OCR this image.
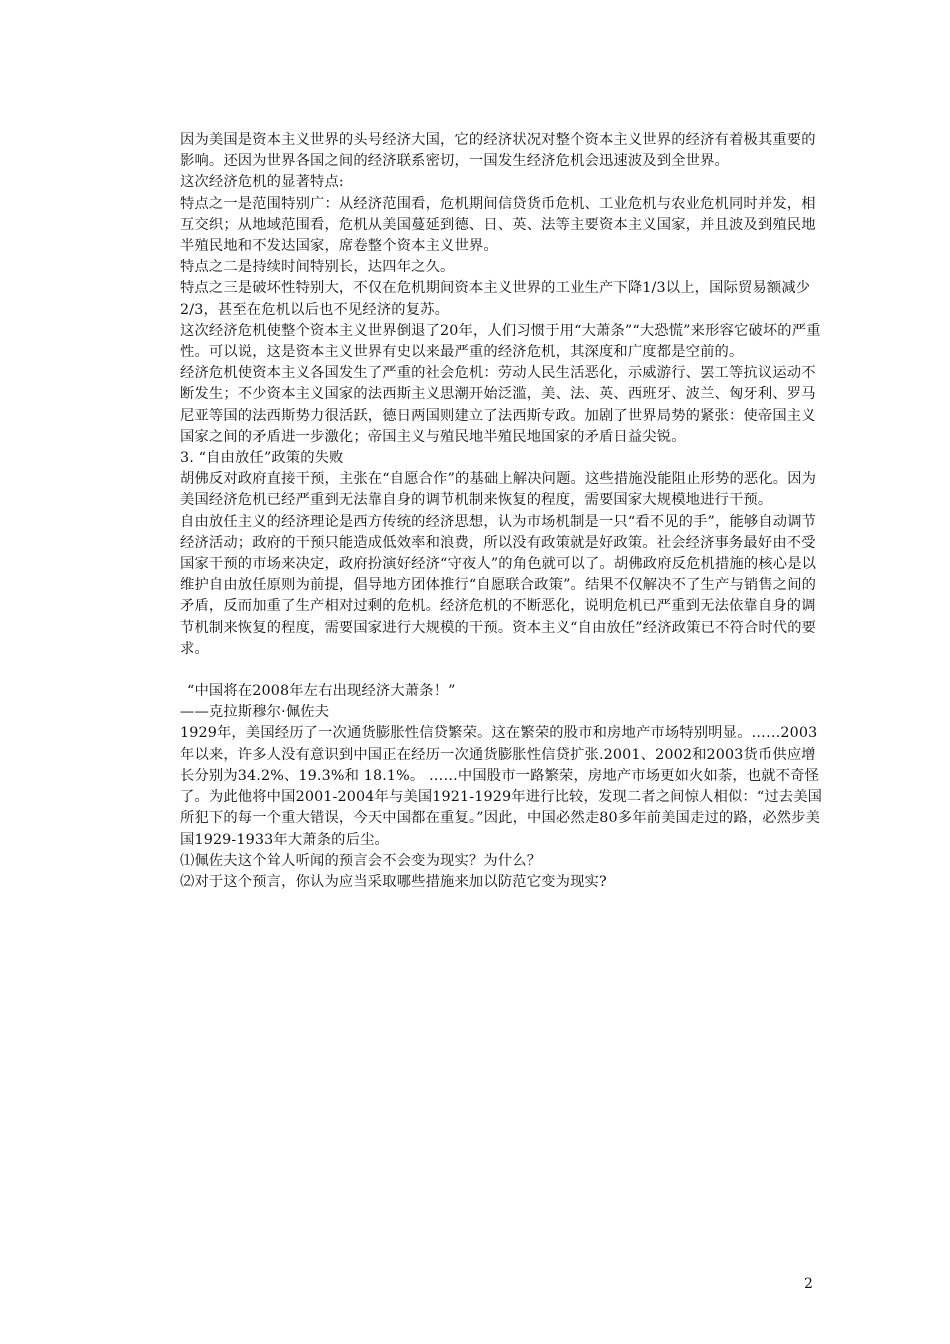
因为美国是资本主义世界的头号经济大国，它的经济状况对整个资本主义世界的经济有着极其重要的影响。还因为世界各国之间的经济联系密切，一国发生经济危机会迅速波及到全世界。

这次经济危机的显著特点:

特点之一是范围特别广：从经济范围看，危机期间信贷货币危机、工业危机与农业危机同时并发，相互交织；从地域范围看，危机从美国蔓延到德、日、英、法等主要资本主义国家，并且波及到殖民地半殖民地和不发达国家，席卷整个资本主义世界。

特点之二是持续时间特别长，达四年之久。

特点之三是破坏性特别大，不仅在危机期间资本主义世界的工业生产下降1/3以上，国际贸易额减少2/3，甚至在危机以后也不见经济的复苏。

这次经济危机使整个资本主义世界倒退了20年，人们习惯于用“大萧条”“大恐慌”来形容它破坏的严重性。可以说，这是资本主义世界有史以来最严重的经济危机，其深度和广度都是空前的。

经济危机使资本主义各国发生了严重的社会危机：劳动人民生活恶化，示威游行、罢工等抗议运动不断发生；不少资本主义国家的法西斯主义思潮开始泛滥，美、法、英、西班牙、波兰、匈牙利、罗马尼亚等国的法西斯势力很活跃，德日两国则建立了法西斯专政。加剧了世界局势的紧张：使帝国主义国家之间的矛盾进一步激化；帝国主义与殖民地半殖民地国家的矛盾日益尖锐。

3. “自由放任”政策的失败

胡佛反对政府直接干预，主张在“自愿合作”的基础上解决问题。这些措施没能阻止形势的恶化。因为美国经济危机已经严重到无法靠自身的调节机制来恢复的程度，需要国家大规模地进行干预。

自由放任主义的经济理论是西方传统的经济思想，认为市场机制是一只“看不见的手”，能够自动调节经济活动；政府的干预只能造成低效率和浪费，所以没有政策就是好政策。社会经济事务最好由不受国家干预的市场来决定，政府扮演好经济“守夜人”的角色就可以了。胡佛政府反危机措施的核心是以维护自由放任原则为前提，倡导地方团体推行“自愿联合政策”。结果不仅解决不了生产与销售之间的矛盾，反而加重了生产相对过剩的危机。经济危机的不断恶化，说明危机已严重到无法依靠自身的调节机制来恢复的程度，需要国家进行大规模的干预。资本主义“自由放任”经济政策已不符合时代的要求。

“中国将在2008年左右出现经济大萧条！”

——克拉斯穆尔·佩佐夫

1929年，美国经历了一次通货膨胀性信贷繁荣。这在繁荣的股市和房地产市场特别明显。……2003年以来，许多人没有意识到中国正在经历一次通货膨胀性信贷扩张.2001、2002和2003货币供应增长分别为34.2%、19.3%和 18.1%。 ……中国股市一路繁荣，房地产市场更如火如荼，也就不奇怪了。为此他将中国2001-2004年与美国1921-1929年进行比较，发现二者之间惊人相似：“过去美国所犯下的每一个重大错误，今天中国都在重复。”因此，中国必然走80多年前美国走过的路，必然步美国1929-1933年大萧条的后尘。

⑴佩佐夫这个耸人听闻的预言会不会变为现实？为什么？

⑵对于这个预言，你认为应当采取哪些措施来加以防范它变为现实?

2
